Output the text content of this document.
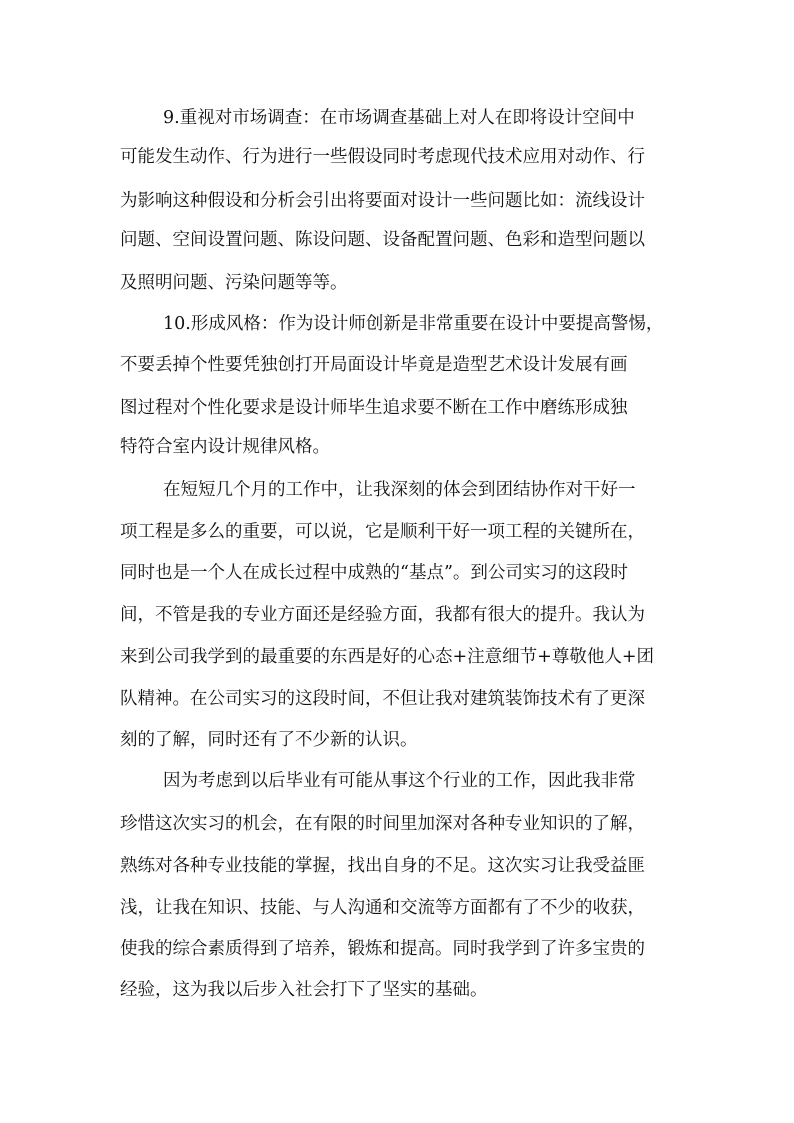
9.重视对市场调查：在市场调查基础上对人在即将设计空间中
可能发生动作、行为进行一些假设同时考虑现代技术应用对动作、行
为影响这种假设和分析会引出将要面对设计一些问题比如：流线设计
问题、空间设置问题、陈设问题、设备配置问题、色彩和造型问题以
及照明问题、污染问题等等。
10.形成风格：作为设计师创新是非常重要在设计中要提高警惕，
不要丢掉个性要凭独创打开局面设计毕竟是造型艺术设计发展有画
图过程对个性化要求是设计师毕生追求要不断在工作中磨练形成独
特符合室内设计规律风格。
在短短几个月的工作中，让我深刻的体会到团结协作对干好一
项工程是多么的重要，可以说，它是顺利干好一项工程的关键所在，
同时也是一个人在成长过程中成熟的“基点”。到公司实习的这段时
间，不管是我的专业方面还是经验方面，我都有很大的提升。我认为
来到公司我学到的最重要的东西是好的心态+注意细节+尊敬他人+团
队精神。在公司实习的这段时间，不但让我对建筑装饰技术有了更深
刻的了解，同时还有了不少新的认识。
因为考虑到以后毕业有可能从事这个行业的工作，因此我非常
珍惜这次实习的机会，在有限的时间里加深对各种专业知识的了解，
熟练对各种专业技能的掌握，找出自身的不足。这次实习让我受益匪
浅，让我在知识、技能、与人沟通和交流等方面都有了不少的收获，
使我的综合素质得到了培养，锻炼和提高。同时我学到了许多宝贵的
经验，这为我以后步入社会打下了坚实的基础。
